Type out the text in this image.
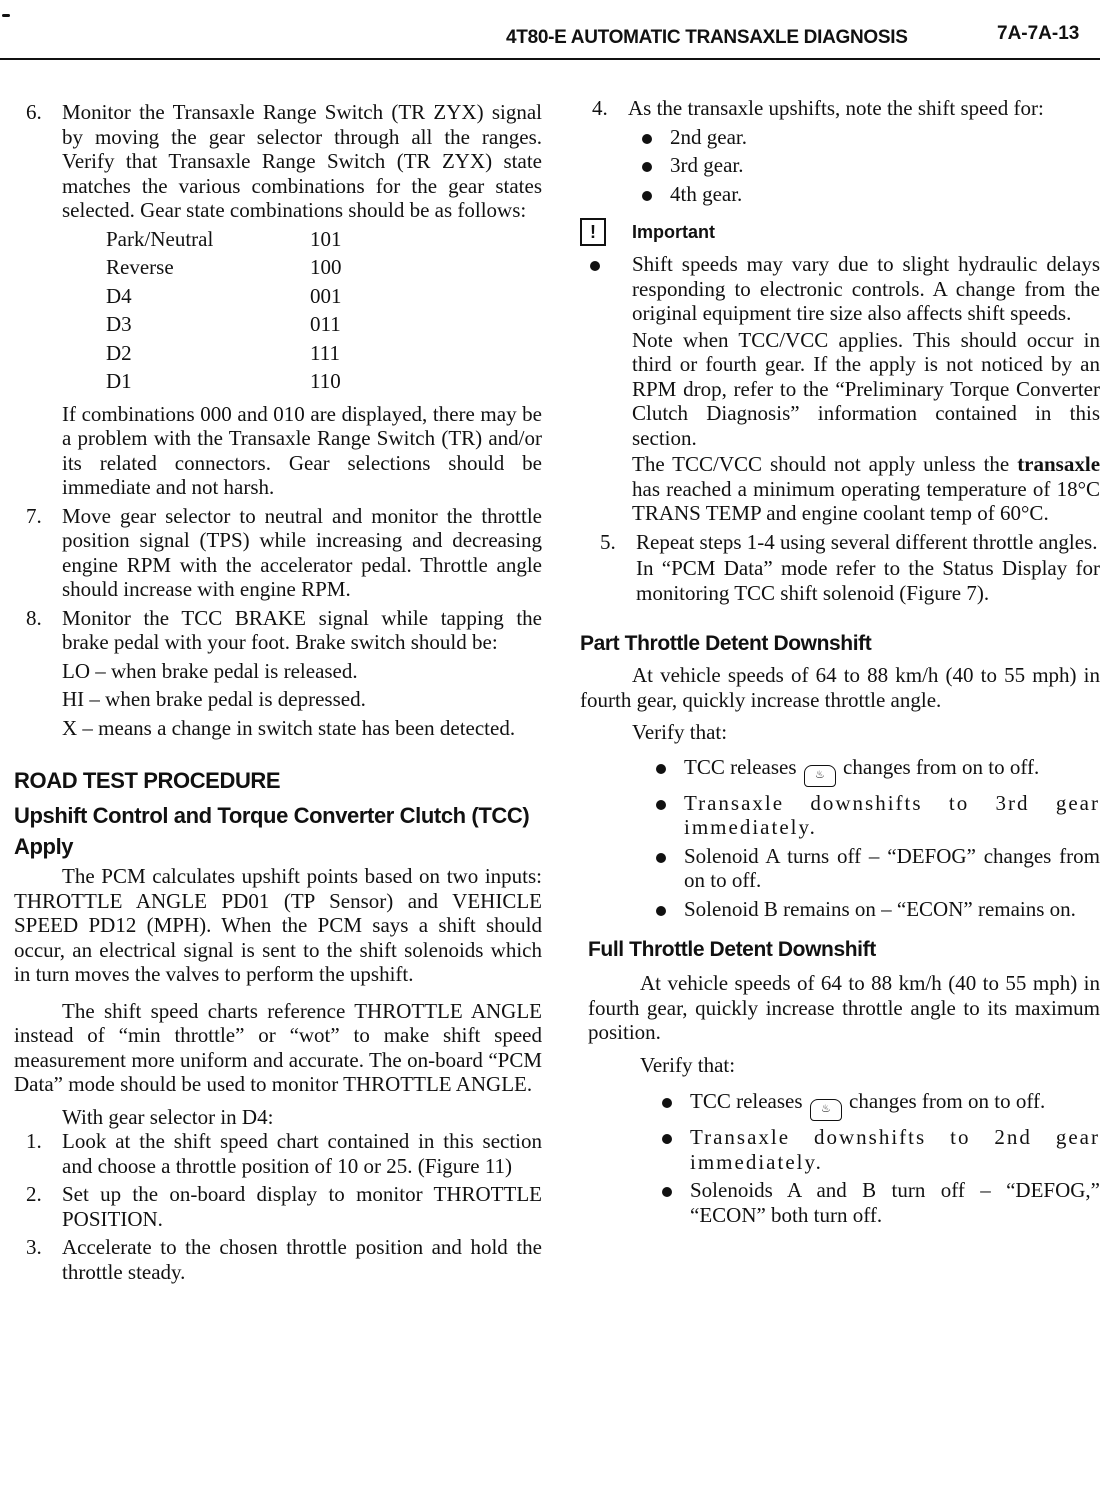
4T80-E AUTOMATIC TRANSAXLE DIAGNOSIS	7A-7A-13
6. Monitor the Transaxle Range Switch (TR ZYX) signal by moving the gear selector through all the ranges. Verify that Transaxle Range Switch (TR ZYX) state matches the various combinations for the gear states selected. Gear state combinations should be as follows:

Park/Neutral	101
Reverse	100
D4	001
D3	011
D2	111
D1	110

If combinations 000 and 010 are displayed, there may be a problem with the Transaxle Range Switch (TR) and/or its related connectors. Gear selections should be immediate and not harsh.

7. Move gear selector to neutral and monitor the throttle position signal (TPS) while increasing and decreasing engine RPM with the accelerator pedal. Throttle angle should increase with engine RPM.

8. Monitor the TCC BRAKE signal while tapping the brake pedal with your foot. Brake switch should be:

LO – when brake pedal is released.

HI – when brake pedal is depressed.

X – means a change in switch state has been detected.

ROAD TEST PROCEDURE
Upshift Control and Torque Converter Clutch (TCC) Apply

The PCM calculates upshift points based on two inputs: THROTTLE ANGLE PD01 (TP Sensor) and VEHICLE SPEED PD12 (MPH). When the PCM says a shift should occur, an electrical signal is sent to the shift solenoids which in turn moves the valves to perform the upshift.

The shift speed charts reference THROTTLE ANGLE instead of “min throttle” or “wot” to make shift speed measurement more uniform and accurate. The on-board “PCM Data” mode should be used to monitor THROTTLE ANGLE.

With gear selector in D4:

1. Look at the shift speed chart contained in this section and choose a throttle position of 10 or 25. (Figure 11)

2. Set up the on-board display to monitor THROTTLE POSITION.

3. Accelerate to the chosen throttle position and hold the throttle steady.

4. As the transaxle upshifts, note the shift speed for:

2nd gear.
3rd gear.
4th gear.
!	Important

Shift speeds may vary due to slight hydraulic delays responding to electronic controls. A change from the original equipment tire size also affects shift speeds.

Note when TCC/VCC applies. This should occur in third or fourth gear. If the apply is not noticed by an RPM drop, refer to the “Preliminary Torque Converter Clutch Diagnosis” information contained in this section.

The TCC/VCC should not apply unless the transaxle has reached a minimum operating temperature of 18°C TRANS TEMP and engine coolant temp of 60°C.

5. Repeat steps 1-4 using several different throttle angles.

In “PCM Data” mode refer to the Status Display for monitoring TCC shift solenoid (Figure 7).

Part Throttle Detent Downshift

At vehicle speeds of 64 to 88 km/h (40 to 55 mph) in fourth gear, quickly increase throttle angle.

Verify that:

TCC releases ♨ changes from on to off.
Transaxle downshifts to 3rd gear immediately.
Solenoid A turns off – “DEFOG” changes from on to off.
Solenoid B remains on – “ECON” remains on.
Full Throttle Detent Downshift

At vehicle speeds of 64 to 88 km/h (40 to 55 mph) in fourth gear, quickly increase throttle angle to its maximum position.

Verify that:

TCC releases ♨ changes from on to off.
Transaxle downshifts to 2nd gear immediately.
Solenoids A and B turn off – “DEFOG,” “ECON” both turn off.
